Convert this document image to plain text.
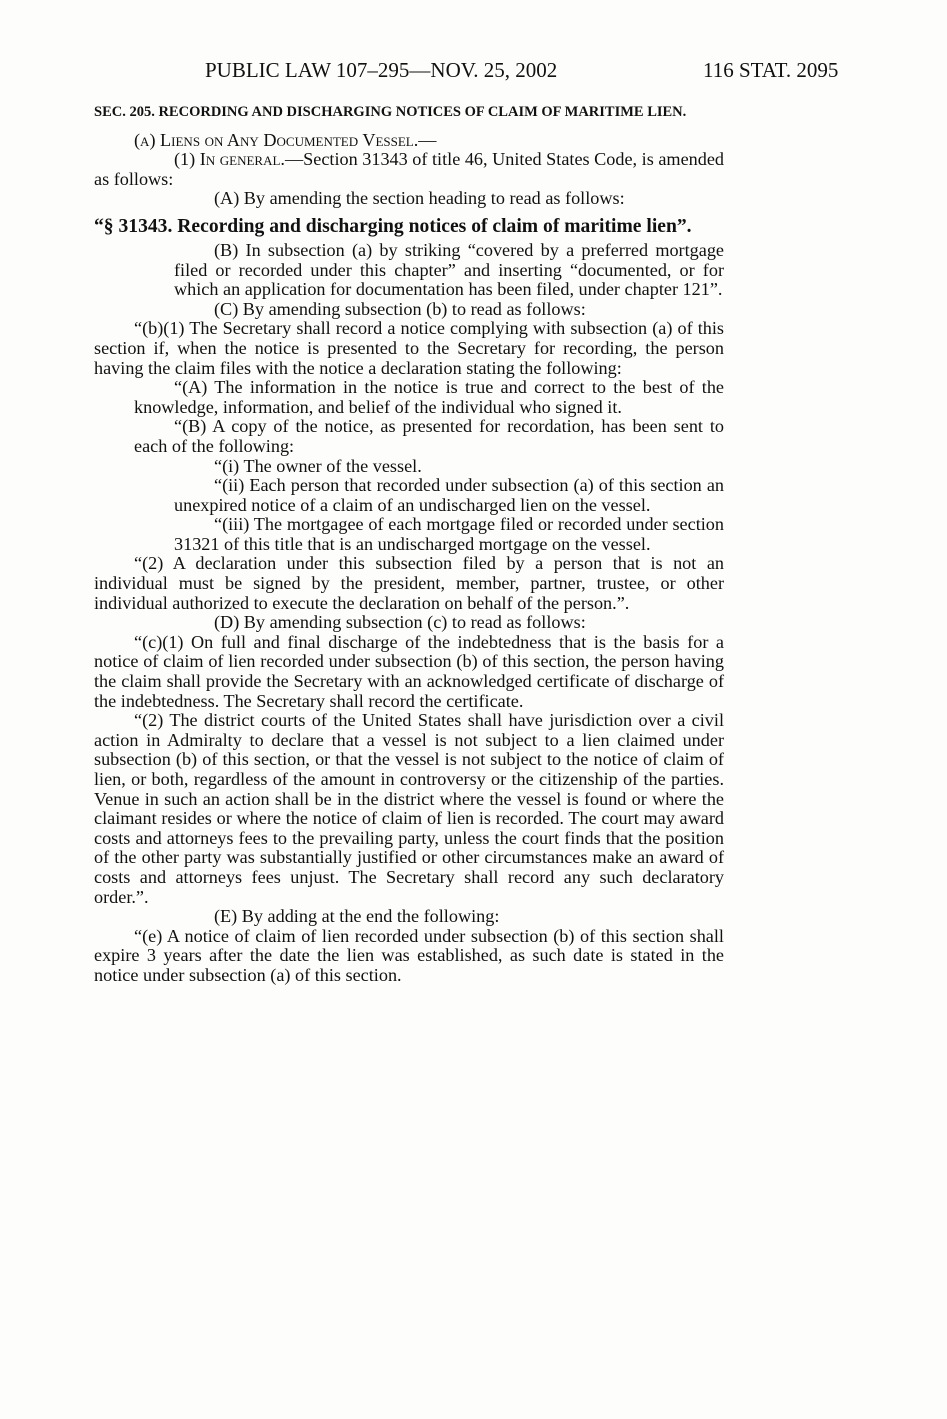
PUBLIC LAW 107–295—NOV. 25, 2002	116 STAT. 2095

SEC. 205. RECORDING AND DISCHARGING NOTICES OF CLAIM OF MARITIME LIEN.

(a) Liens on Any Documented Vessel.—

(1) In general.—Section 31343 of title 46, United States Code, is amended as follows:

(A) By amending the section heading to read as follows:

“§ 31343. Recording and discharging notices of claim of maritime lien”.

(B) In subsection (a) by striking “covered by a preferred mortgage filed or recorded under this chapter” and inserting “documented, or for which an application for documentation has been filed, under chapter 121”.

(C) By amending subsection (b) to read as follows:

“(b)(1) The Secretary shall record a notice complying with subsection (a) of this section if, when the notice is presented to the Secretary for recording, the person having the claim files with the notice a declaration stating the following:

“(A) The information in the notice is true and correct to the best of the knowledge, information, and belief of the individual who signed it.

“(B) A copy of the notice, as presented for recordation, has been sent to each of the following:

“(i) The owner of the vessel.

“(ii) Each person that recorded under subsection (a) of this section an unexpired notice of a claim of an undischarged lien on the vessel.

“(iii) The mortgagee of each mortgage filed or recorded under section 31321 of this title that is an undischarged mortgage on the vessel.

“(2) A declaration under this subsection filed by a person that is not an individual must be signed by the president, member, partner, trustee, or other individual authorized to execute the declaration on behalf of the person.”.

(D) By amending subsection (c) to read as follows:

“(c)(1) On full and final discharge of the indebtedness that is the basis for a notice of claim of lien recorded under subsection (b) of this section, the person having the claim shall provide the Secretary with an acknowledged certificate of discharge of the indebtedness. The Secretary shall record the certificate.

“(2) The district courts of the United States shall have jurisdiction over a civil action in Admiralty to declare that a vessel is not subject to a lien claimed under subsection (b) of this section, or that the vessel is not subject to the notice of claim of lien, or both, regardless of the amount in controversy or the citizenship of the parties. Venue in such an action shall be in the district where the vessel is found or where the claimant resides or where the notice of claim of lien is recorded. The court may award costs and attorneys fees to the prevailing party, unless the court finds that the position of the other party was substantially justified or other circumstances make an award of costs and attorneys fees unjust. The Secretary shall record any such declaratory order.”.

(E) By adding at the end the following:

“(e) A notice of claim of lien recorded under subsection (b) of this section shall expire 3 years after the date the lien was established, as such date is stated in the notice under subsection (a) of this section.
